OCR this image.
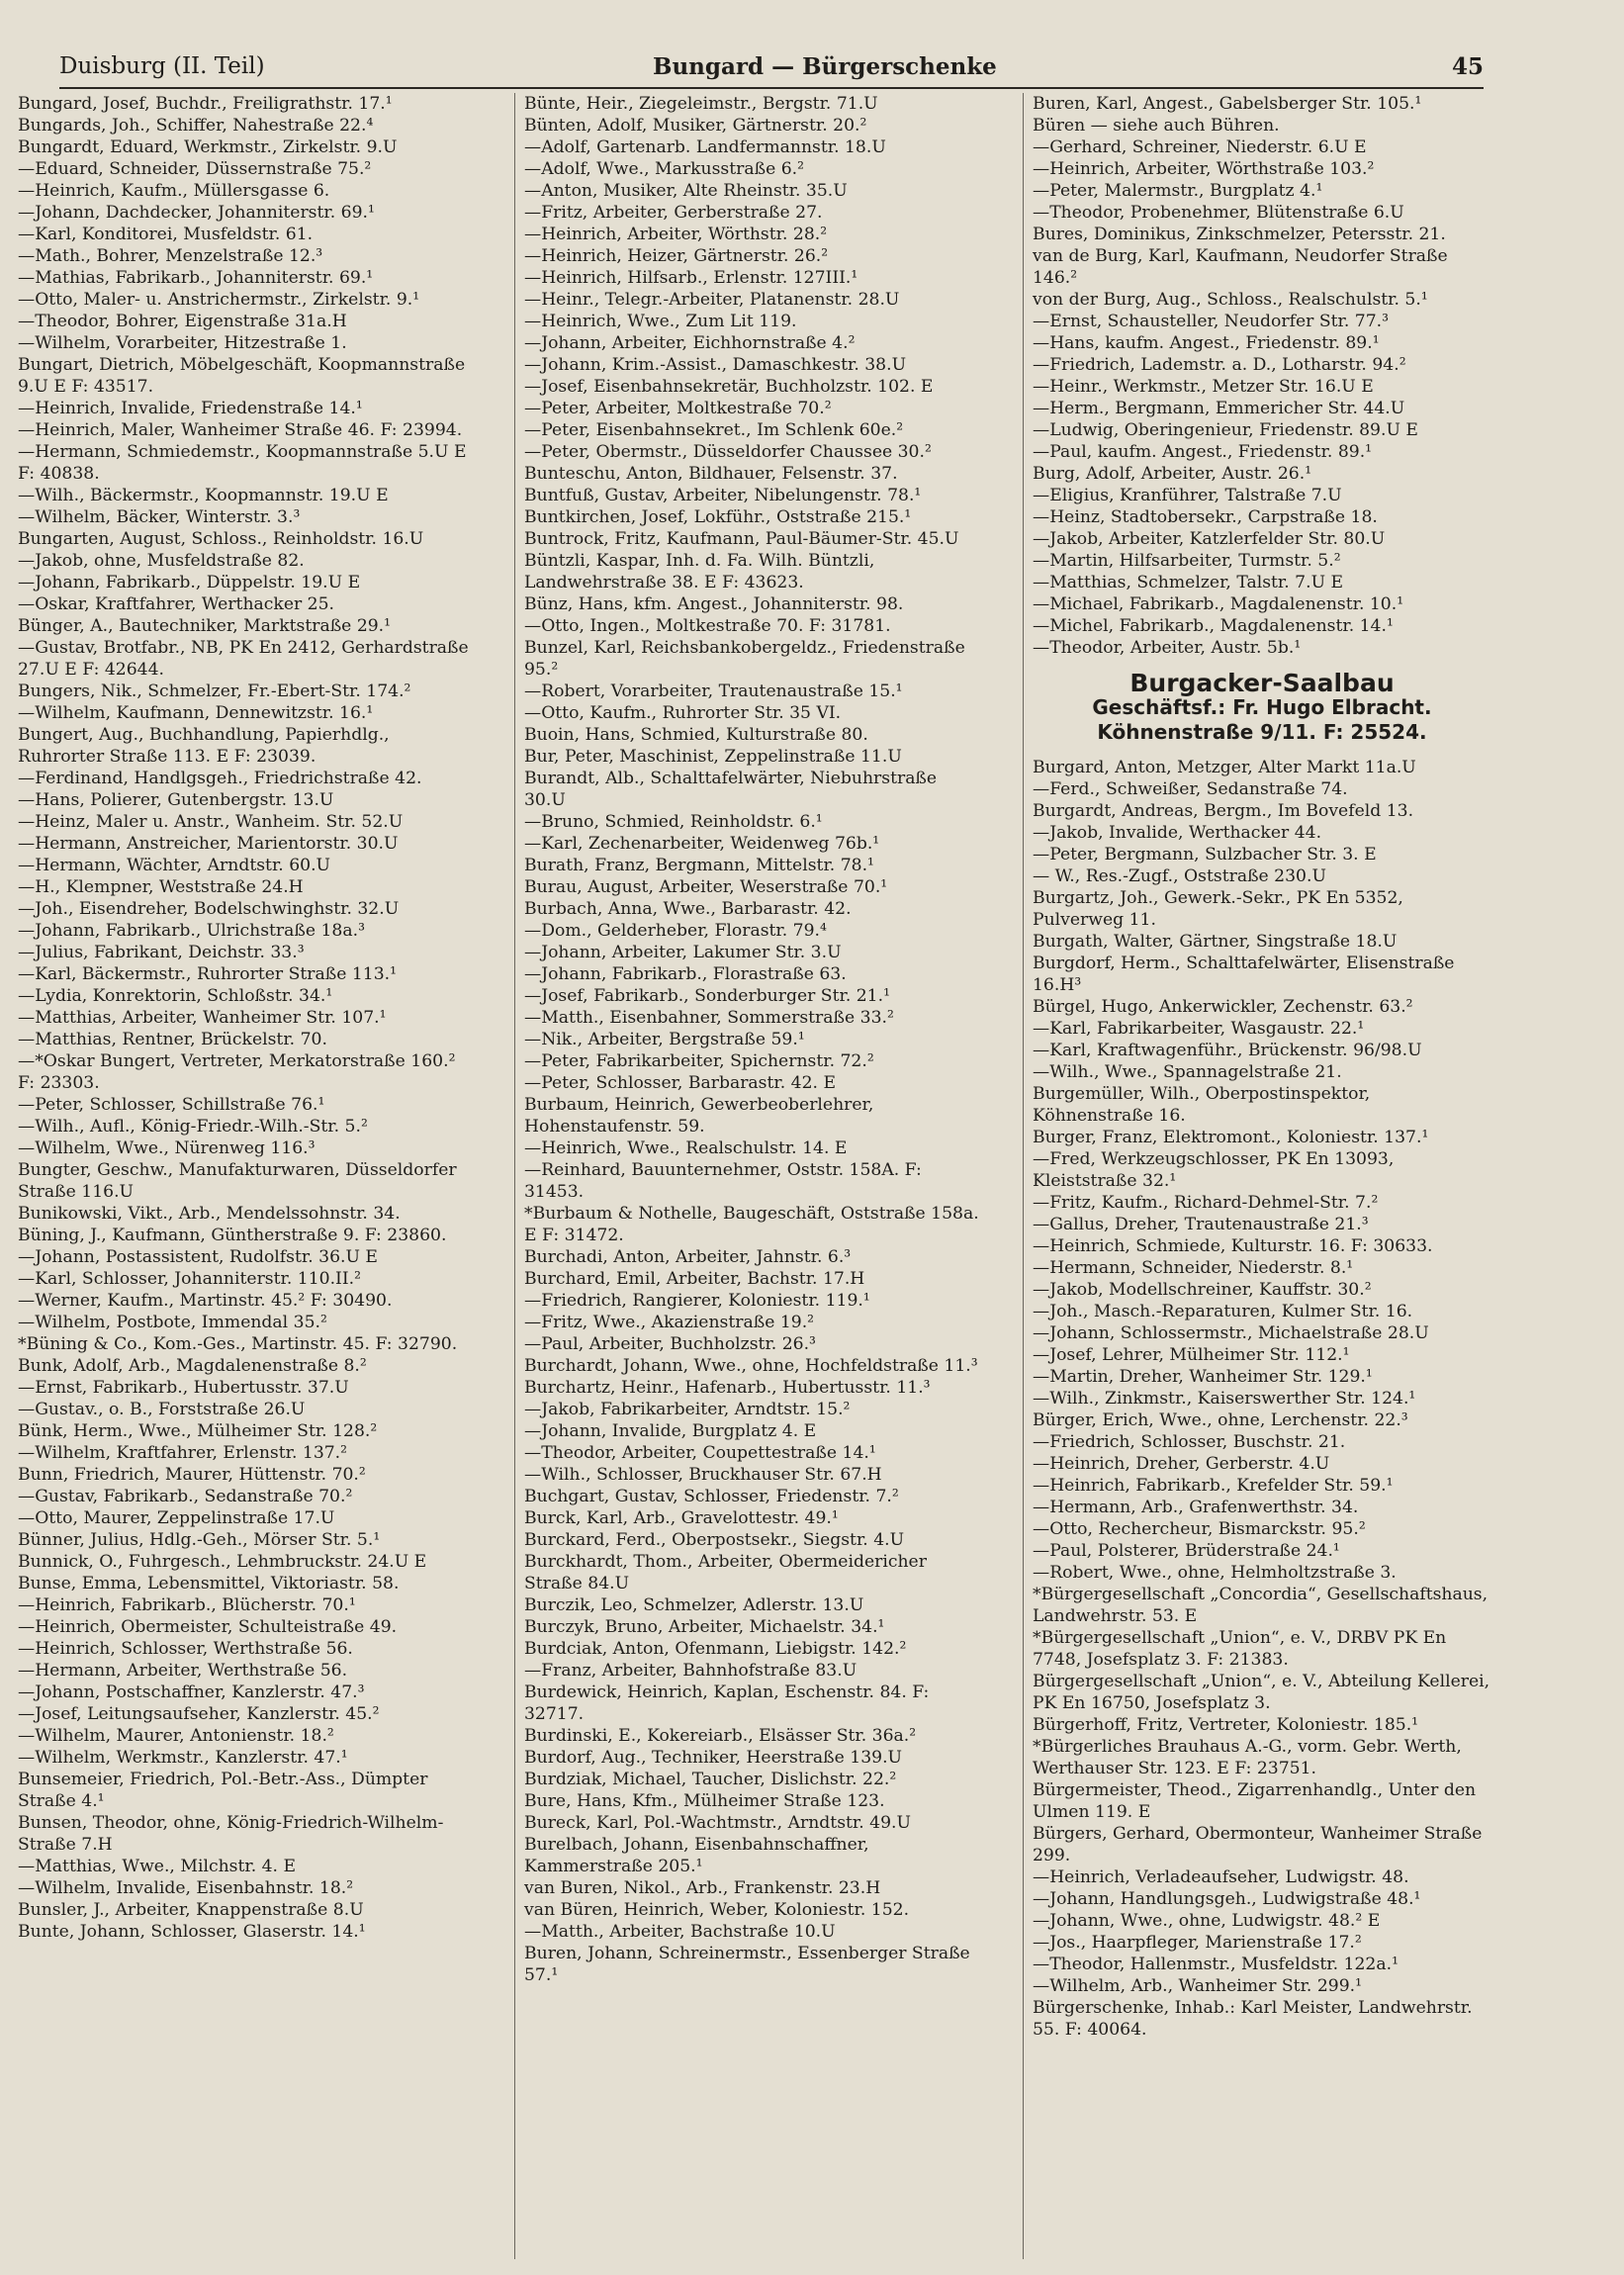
Duisburg (II. Teil)	Bungard — Bürgerschenke	45
Bungard, Josef, Buchdr., Freiligrathstr. 17.¹
Bungards, Joh., Schiffer, Nahestraße 22.⁴
Bungardt, Eduard, Werkmstr., Zirkelstr. 9.U
—Eduard, Schneider, Düssernstraße 75.²
—Heinrich, Kaufm., Müllersgasse 6.
—Johann, Dachdecker, Johanniterstr. 69.¹
—Karl, Konditorei, Musfeldstr. 61.
—Math., Bohrer, Menzelstraße 12.³
—Mathias, Fabrikarb., Johanniterstr. 69.¹
—Otto, Maler- u. Anstrichermstr., Zirkelstr. 9.¹
—Theodor, Bohrer, Eigenstraße 31a.H
—Wilhelm, Vorarbeiter, Hitzestraße 1.
Bungart, Dietrich, Möbelgeschäft, Koopmannstraße 9.U E F: 43517.
—Heinrich, Invalide, Friedenstraße 14.¹
—Heinrich, Maler, Wanheimer Straße 46. F: 23994.
—Hermann, Schmiedemstr., Koopmannstraße 5.U E F: 40838.
—Wilh., Bäckermstr., Koopmannstr. 19.U E
—Wilhelm, Bäcker, Winterstr. 3.³
Bungarten, August, Schloss., Reinholdstr. 16.U
—Jakob, ohne, Musfeldstraße 82.
—Johann, Fabrikarb., Düppelstr. 19.U E
—Oskar, Kraftfahrer, Werthacker 25.
Bünger, A., Bautechniker, Marktstraße 29.¹
—Gustav, Brotfabr., NB, PK En 2412, Gerhardstraße 27.U E F: 42644.
Bungers, Nik., Schmelzer, Fr.-Ebert-Str. 174.²
—Wilhelm, Kaufmann, Dennewitzstr. 16.¹
Bungert, Aug., Buchhandlung, Papierhdlg., Ruhrorter Straße 113. E F: 23039.
—Ferdinand, Handlgsgeh., Friedrichstraße 42.
—Hans, Polierer, Gutenbergstr. 13.U
—Heinz, Maler u. Anstr., Wanheim. Str. 52.U
—Hermann, Anstreicher, Marientorstr. 30.U
—Hermann, Wächter, Arndtstr. 60.U
—H., Klempner, Weststraße 24.H
—Joh., Eisendreher, Bodelschwinghstr. 32.U
—Johann, Fabrikarb., Ulrichstraße 18a.³
—Julius, Fabrikant, Deichstr. 33.³
—Karl, Bäckermstr., Ruhrorter Straße 113.¹
—Lydia, Konrektorin, Schloßstr. 34.¹
—Matthias, Arbeiter, Wanheimer Str. 107.¹
—Matthias, Rentner, Brückelstr. 70.
—*Oskar Bungert, Vertreter, Merkatorstraße 160.² F: 23303.
—Peter, Schlosser, Schillstraße 76.¹
—Wilh., Aufl., König-Friedr.-Wilh.-Str. 5.²
—Wilhelm, Wwe., Nürenweg 116.³
Bungter, Geschw., Manufakturwaren, Düsseldorfer Straße 116.U
Bunikowski, Vikt., Arb., Mendelssohnstr. 34.
Büning, J., Kaufmann, Güntherstraße 9. F: 23860.
—Johann, Postassistent, Rudolfstr. 36.U E
—Karl, Schlosser, Johanniterstr. 110.II.²
—Werner, Kaufm., Martinstr. 45.² F: 30490.
—Wilhelm, Postbote, Immendal 35.²
*Büning & Co., Kom.-Ges., Martinstr. 45. F: 32790.
Bunk, Adolf, Arb., Magdalenenstraße 8.²
—Ernst, Fabrikarb., Hubertusstr. 37.U
—Gustav., o. B., Forststraße 26.U
Bünk, Herm., Wwe., Mülheimer Str. 128.²
—Wilhelm, Kraftfahrer, Erlenstr. 137.²
Bunn, Friedrich, Maurer, Hüttenstr. 70.²
—Gustav, Fabrikarb., Sedanstraße 70.²
—Otto, Maurer, Zeppelinstraße 17.U
Bünner, Julius, Hdlg.-Geh., Mörser Str. 5.¹
Bunnick, O., Fuhrgesch., Lehmbruckstr. 24.U E
Bunse, Emma, Lebensmittel, Viktoriastr. 58.
—Heinrich, Fabrikarb., Blücherstr. 70.¹
—Heinrich, Obermeister, Schulteistraße 49.
—Heinrich, Schlosser, Werthstraße 56.
—Hermann, Arbeiter, Werthstraße 56.
—Johann, Postschaffner, Kanzlerstr. 47.³
—Josef, Leitungsaufseher, Kanzlerstr. 45.²
—Wilhelm, Maurer, Antonienstr. 18.²
—Wilhelm, Werkmstr., Kanzlerstr. 47.¹
Bunsemeier, Friedrich, Pol.-Betr.-Ass., Dümpter Straße 4.¹
Bunsen, Theodor, ohne, König-Friedrich-Wilhelm-Straße 7.H
—Matthias, Wwe., Milchstr. 4. E
—Wilhelm, Invalide, Eisenbahnstr. 18.²
Bunsler, J., Arbeiter, Knappenstraße 8.U
Bunte, Johann, Schlosser, Glaserstr. 14.¹
Bünte, Heir., Ziegeleimstr., Bergstr. 71.U
Bünten, Adolf, Musiker, Gärtnerstr. 20.²
—Adolf, Gartenarb. Landfermannstr. 18.U
—Adolf, Wwe., Markusstraße 6.²
—Anton, Musiker, Alte Rheinstr. 35.U
—Fritz, Arbeiter, Gerberstraße 27.
—Heinrich, Arbeiter, Wörthstr. 28.²
—Heinrich, Heizer, Gärtnerstr. 26.²
—Heinrich, Hilfsarb., Erlenstr. 127III.¹
—Heinr., Telegr.-Arbeiter, Platanenstr. 28.U
—Heinrich, Wwe., Zum Lit 119.
—Johann, Arbeiter, Eichhornstraße 4.²
—Johann, Krim.-Assist., Damaschkestr. 38.U
—Josef, Eisenbahnsekretär, Buchholzstr. 102. E
—Peter, Arbeiter, Moltkestraße 70.²
—Peter, Eisenbahnsekret., Im Schlenk 60e.²
—Peter, Obermstr., Düsseldorfer Chaussee 30.²
Bunteschu, Anton, Bildhauer, Felsenstr. 37.
Buntfuß, Gustav, Arbeiter, Nibelungenstr. 78.¹
Buntkirchen, Josef, Lokführ., Oststraße 215.¹
Buntrock, Fritz, Kaufmann, Paul-Bäumer-Str. 45.U
Büntzli, Kaspar, Inh. d. Fa. Wilh. Büntzli, Landwehrstraße 38. E F: 43623.
Bünz, Hans, kfm. Angest., Johanniterstr. 98.
—Otto, Ingen., Moltkestraße 70. F: 31781.
Bunzel, Karl, Reichsbankobergeldz., Friedenstraße 95.²
—Robert, Vorarbeiter, Trautenaustraße 15.¹
—Otto, Kaufm., Ruhrorter Str. 35 VI.
Buoin, Hans, Schmied, Kulturstraße 80.
Bur, Peter, Maschinist, Zeppelinstraße 11.U
Burandt, Alb., Schalttafelwärter, Niebuhrstraße 30.U
—Bruno, Schmied, Reinholdstr. 6.¹
—Karl, Zechenarbeiter, Weidenweg 76b.¹
Burath, Franz, Bergmann, Mittelstr. 78.¹
Burau, August, Arbeiter, Weserstraße 70.¹
Burbach, Anna, Wwe., Barbarastr. 42.
—Dom., Gelderheber, Florastr. 79.⁴
—Johann, Arbeiter, Lakumer Str. 3.U
—Johann, Fabrikarb., Florastraße 63.
—Josef, Fabrikarb., Sonderburger Str. 21.¹
—Matth., Eisenbahner, Sommerstraße 33.²
—Nik., Arbeiter, Bergstraße 59.¹
—Peter, Fabrikarbeiter, Spichernstr. 72.²
—Peter, Schlosser, Barbarastr. 42. E
Burbaum, Heinrich, Gewerbeoberlehrer, Hohenstaufenstr. 59.
—Heinrich, Wwe., Realschulstr. 14. E
—Reinhard, Bauunternehmer, Oststr. 158A. F: 31453.
*Burbaum & Nothelle, Baugeschäft, Oststraße 158a. E F: 31472.
Burchadi, Anton, Arbeiter, Jahnstr. 6.³
Burchard, Emil, Arbeiter, Bachstr. 17.H
—Friedrich, Rangierer, Koloniestr. 119.¹
—Fritz, Wwe., Akazienstraße 19.²
—Paul, Arbeiter, Buchholzstr. 26.³
Burchardt, Johann, Wwe., ohne, Hochfeldstraße 11.³
Burchartz, Heinr., Hafenarb., Hubertusstr. 11.³
—Jakob, Fabrikarbeiter, Arndtstr. 15.²
—Johann, Invalide, Burgplatz 4. E
—Theodor, Arbeiter, Coupettestraße 14.¹
—Wilh., Schlosser, Bruckhauser Str. 67.H
Buchgart, Gustav, Schlosser, Friedenstr. 7.²
Burck, Karl, Arb., Gravelottestr. 49.¹
Burckard, Ferd., Oberpostsekr., Siegstr. 4.U
Burckhardt, Thom., Arbeiter, Obermeidericher Straße 84.U
Burczik, Leo, Schmelzer, Adlerstr. 13.U
Burczyk, Bruno, Arbeiter, Michaelstr. 34.¹
Burdciak, Anton, Ofenmann, Liebigstr. 142.²
—Franz, Arbeiter, Bahnhofstraße 83.U
Burdewick, Heinrich, Kaplan, Eschenstr. 84. F: 32717.
Burdinski, E., Kokereiarb., Elsässer Str. 36a.²
Burdorf, Aug., Techniker, Heerstraße 139.U
Burdziak, Michael, Taucher, Dislichstr. 22.²
Bure, Hans, Kfm., Mülheimer Straße 123.
Bureck, Karl, Pol.-Wachtmstr., Arndtstr. 49.U
Burelbach, Johann, Eisenbahnschaffner, Kammerstraße 205.¹
van Buren, Nikol., Arb., Frankenstr. 23.H
van Büren, Heinrich, Weber, Koloniestr. 152.
—Matth., Arbeiter, Bachstraße 10.U
Buren, Johann, Schreinermstr., Essenberger Straße 57.¹
Buren, Karl, Angest., Gabelsberger Str. 105.¹
Büren — siehe auch Bühren.
—Gerhard, Schreiner, Niederstr. 6.U E
—Heinrich, Arbeiter, Wörthstraße 103.²
—Peter, Malermstr., Burgplatz 4.¹
—Theodor, Probenehmer, Blütenstraße 6.U
Bures, Dominikus, Zinkschmelzer, Petersstr. 21.
van de Burg, Karl, Kaufmann, Neudorfer Straße 146.²
von der Burg, Aug., Schloss., Realschulstr. 5.¹
—Ernst, Schausteller, Neudorfer Str. 77.³
—Hans, kaufm. Angest., Friedenstr. 89.¹
—Friedrich, Lademstr. a. D., Lotharstr. 94.²
—Heinr., Werkmstr., Metzer Str. 16.U E
—Herm., Bergmann, Emmericher Str. 44.U
—Ludwig, Oberingenieur, Friedenstr. 89.U E
—Paul, kaufm. Angest., Friedenstr. 89.¹
Burg, Adolf, Arbeiter, Austr. 26.¹
—Eligius, Kranführer, Talstraße 7.U
—Heinz, Stadtobersekr., Carpstraße 18.
—Jakob, Arbeiter, Katzlerfelder Str. 80.U
—Martin, Hilfsarbeiter, Turmstr. 5.²
—Matthias, Schmelzer, Talstr. 7.U E
—Michael, Fabrikarb., Magdalenenstr. 10.¹
—Michel, Fabrikarb., Magdalenenstr. 14.¹
—Theodor, Arbeiter, Austr. 5b.¹
Burgacker-Saalbau
Geschäftsf.: Fr. Hugo Elbracht.
Köhnenstraße 9/11. F: 25524.
Burgard, Anton, Metzger, Alter Markt 11a.U
—Ferd., Schweißer, Sedanstraße 74.
Burgardt, Andreas, Bergm., Im Bovefeld 13.
—Jakob, Invalide, Werthacker 44.
—Peter, Bergmann, Sulzbacher Str. 3. E
— W., Res.-Zugf., Oststraße 230.U
Burgartz, Joh., Gewerk.-Sekr., PK En 5352, Pulverweg 11.
Burgath, Walter, Gärtner, Singstraße 18.U
Burgdorf, Herm., Schalttafelwärter, Elisenstraße 16.H³
Bürgel, Hugo, Ankerwickler, Zechenstr. 63.²
—Karl, Fabrikarbeiter, Wasgaustr. 22.¹
—Karl, Kraftwagenführ., Brückenstr. 96/98.U
—Wilh., Wwe., Spannagelstraße 21.
Burgemüller, Wilh., Oberpostinspektor, Köhnenstraße 16.
Burger, Franz, Elektromont., Koloniestr. 137.¹
—Fred, Werkzeugschlosser, PK En 13093, Kleiststraße 32.¹
—Fritz, Kaufm., Richard-Dehmel-Str. 7.²
—Gallus, Dreher, Trautenaustraße 21.³
—Heinrich, Schmiede, Kulturstr. 16. F: 30633.
—Hermann, Schneider, Niederstr. 8.¹
—Jakob, Modellschreiner, Kauffstr. 30.²
—Joh., Masch.-Reparaturen, Kulmer Str. 16.
—Johann, Schlossermstr., Michaelstraße 28.U
—Josef, Lehrer, Mülheimer Str. 112.¹
—Martin, Dreher, Wanheimer Str. 129.¹
—Wilh., Zinkmstr., Kaiserswerther Str. 124.¹
Bürger, Erich, Wwe., ohne, Lerchenstr. 22.³
—Friedrich, Schlosser, Buschstr. 21.
—Heinrich, Dreher, Gerberstr. 4.U
—Heinrich, Fabrikarb., Krefelder Str. 59.¹
—Hermann, Arb., Grafenwerthstr. 34.
—Otto, Rechercheur, Bismarckstr. 95.²
—Paul, Polsterer, Brüderstraße 24.¹
—Robert, Wwe., ohne, Helmholtzstraße 3.
*Bürgergesellschaft „Concordia“, Gesellschaftshaus, Landwehrstr. 53. E
*Bürgergesellschaft „Union“, e. V., DRBV PK En 7748, Josefsplatz 3. F: 21383.
Bürgergesellschaft „Union“, e. V., Abteilung Kellerei, PK En 16750, Josefsplatz 3.
Bürgerhoff, Fritz, Vertreter, Koloniestr. 185.¹
*Bürgerliches Brauhaus A.-G., vorm. Gebr. Werth, Werthauser Str. 123. E F: 23751.
Bürgermeister, Theod., Zigarrenhandlg., Unter den Ulmen 119. E
Bürgers, Gerhard, Obermonteur, Wanheimer Straße 299.
—Heinrich, Verladeaufseher, Ludwigstr. 48.
—Johann, Handlungsgeh., Ludwigstraße 48.¹
—Johann, Wwe., ohne, Ludwigstr. 48.² E
—Jos., Haarpfleger, Marienstraße 17.²
—Theodor, Hallenmstr., Musfeldstr. 122a.¹
—Wilhelm, Arb., Wanheimer Str. 299.¹
Bürgerschenke, Inhab.: Karl Meister, Landwehrstr. 55. F: 40064.
